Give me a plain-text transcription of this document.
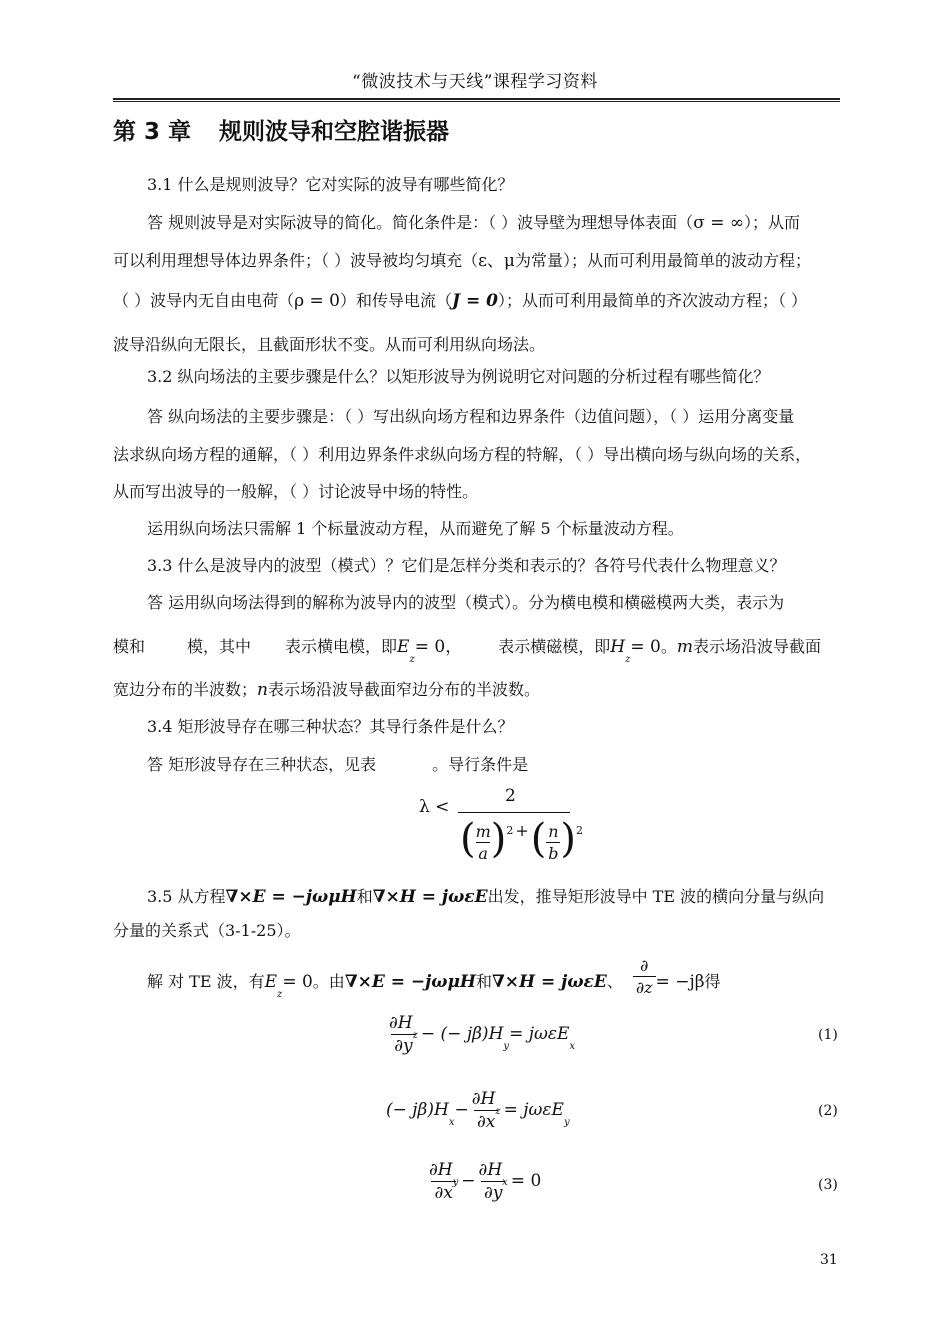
“微波技术与天线”课程学习资料
第 3 章 规则波导和空腔谐振器
3.1 什么是规则波导？它对实际的波导有哪些简化？
答 规则波导是对实际波导的简化。简化条件是：（ ）波导壁为理想导体表面（σ = ∞）；从而
可以利用理想导体边界条件；（ ）波导被均匀填充（ε、μ为常量）；从而可利用最简单的波动方程；
（ ）波导内无自由电荷（ρ = 0）和传导电流（J = 0）；从而可利用最简单的齐次波动方程；（ ）
波导沿纵向无限长，且截面形状不变。从而可利用纵向场法。
3.2 纵向场法的主要步骤是什么？以矩形波导为例说明它对问题的分析过程有哪些简化？
答 纵向场法的主要步骤是：（ ）写出纵向场方程和边界条件（边值问题），（ ）运用分离变量
法求纵向场方程的通解，（ ）利用边界条件求纵向场方程的特解，（ ）导出横向场与纵向场的关系，
从而写出波导的一般解，（ ）讨论波导中场的特性。
运用纵向场法只需解 1 个标量波动方程，从而避免了解 5 个标量波动方程。
3.3 什么是波导内的波型（模式）？它们是怎样分类和表示的？各符号代表什么物理意义？
答 运用纵向场法得到的解称为波导内的波型（模式）。分为横电模和横磁模两大类，表示为
模和	模，其中 表示横电模，即$E_z= 0$， 表示横磁模，即$H_z= 0$。m表示场沿波导截面
宽边分布的半波数；n表示场沿波导截面窄边分布的半波数。
3.4 矩形波导存在哪三种状态？其导行条件是什么？
答 矩形波导存在三种状态，见表	。导行条件是
λ <
2
( $\frac{m}{a} )^2$ +( $\frac{n}{b} )^2$
3.5 从方程∇×E = −jωμH和∇×H = jωεE出发，推导矩形波导中 TE 波的横向分量与纵向
分量的关系式（3-1-25）。
解 对 TE 波，有$E_z= 0$。由∇×E = −jωμH和∇×H = jωεE、 $\frac{\partial}{\partial z} = -j\beta$得
$\frac{\partial H_z}{\partial y}$ − (− $j\beta)H_y= j\omega\varepsilon E_x$
(1)
(− $j\beta)H_x- \frac{\partial H_z}{\partial x} = j\omega\varepsilon E_y$
(2)
$\frac{\partial H_y}{\partial x} - \frac{\partial H_x}{\partial y} = 0$	(3)
31
